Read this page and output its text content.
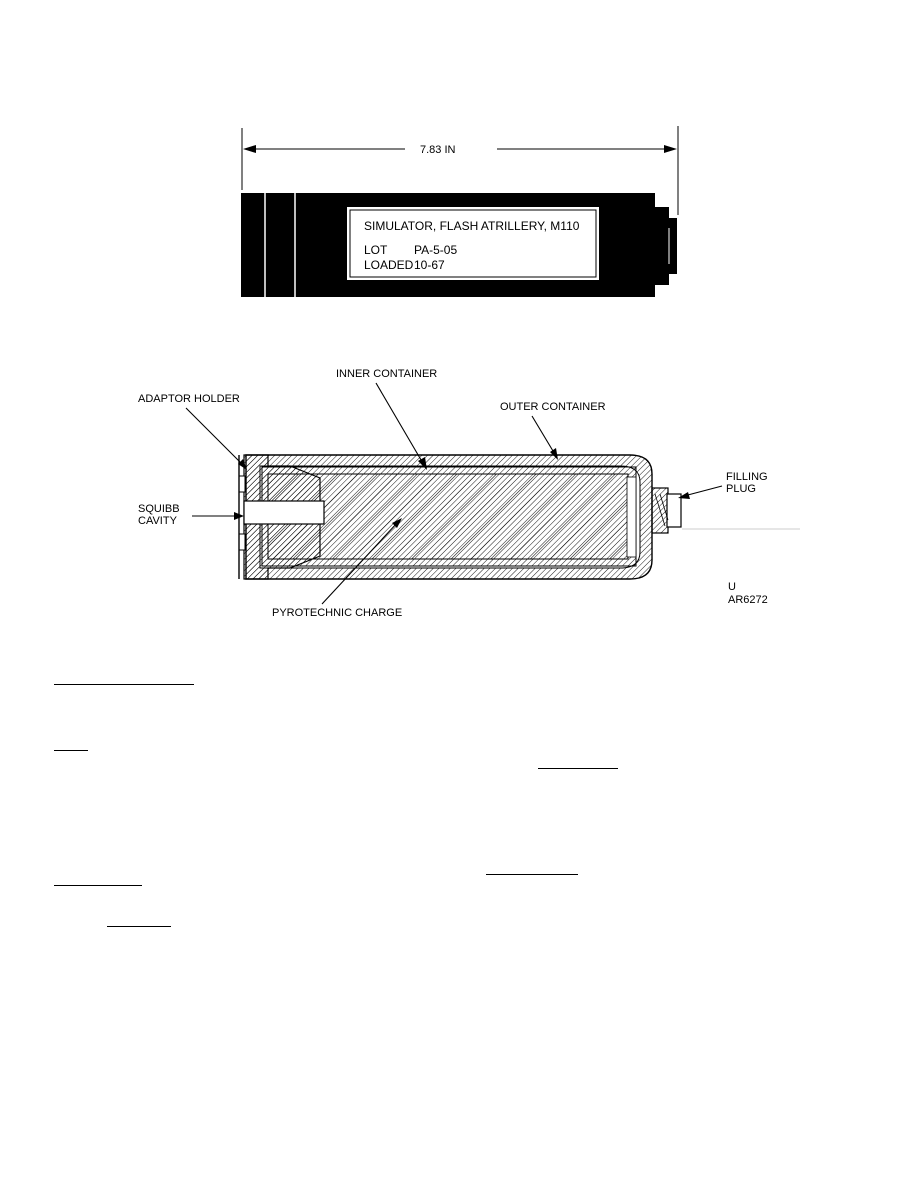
7.83 IN
SIMULATOR, FLASH ATRILLERY, M110
LOT PA-5-05
LOADED 10-67
INNER CONTAINER
ADAPTOR HOLDER
OUTER CONTAINER
SQUIBB
CAVITY
FILLING
PLUG
PYROTECHNIC CHARGE
U
AR6272
